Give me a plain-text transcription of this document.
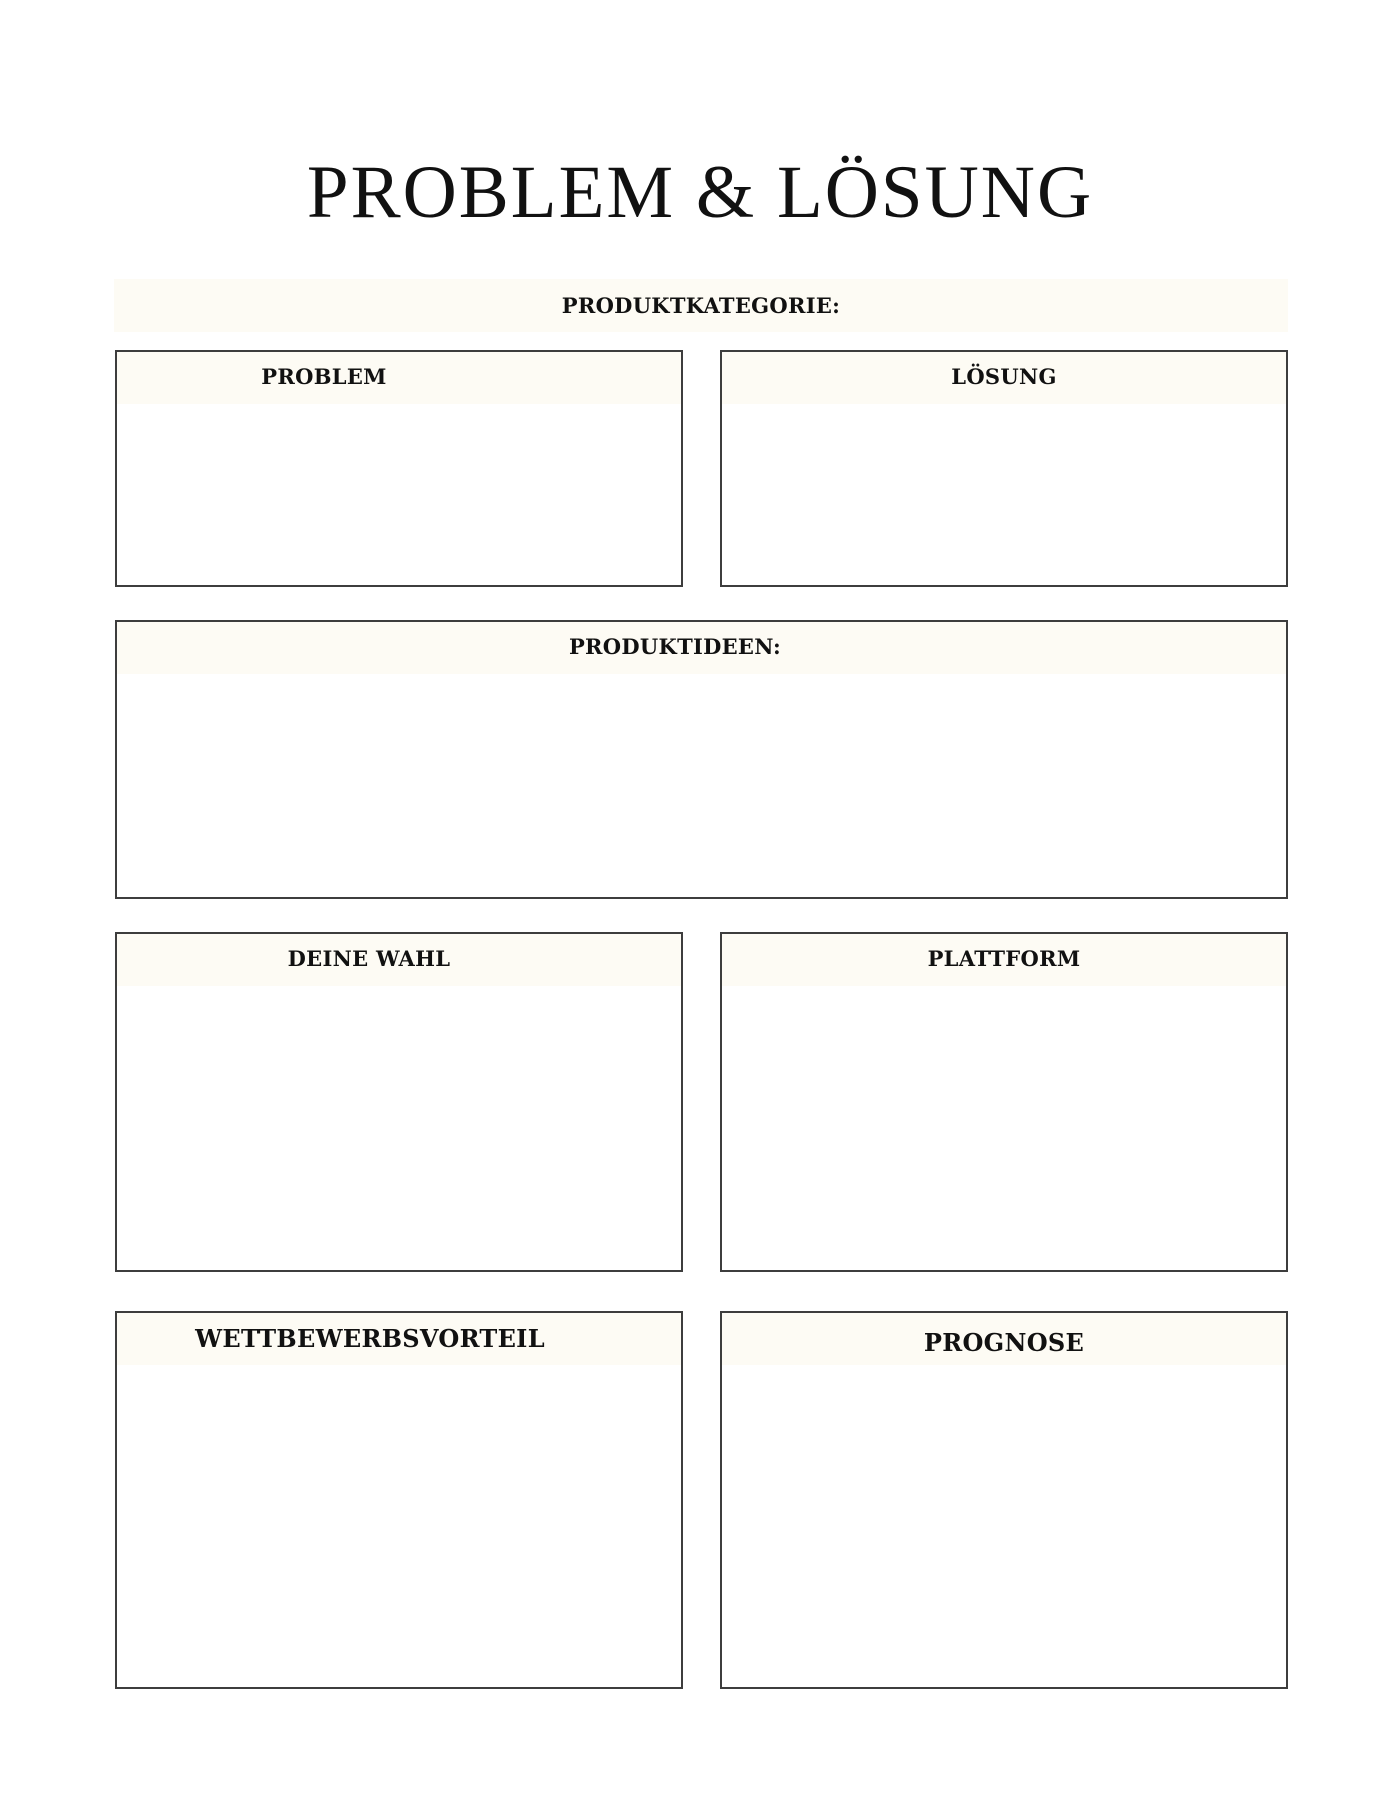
PROBLEM & LÖSUNG
PRODUKTKATEGORIE:
PROBLEM	LÖSUNG
PRODUKTIDEEN:
DEINE WAHL	PLATTFORM
WETTBEWERBSVORTEIL	PROGNOSE
